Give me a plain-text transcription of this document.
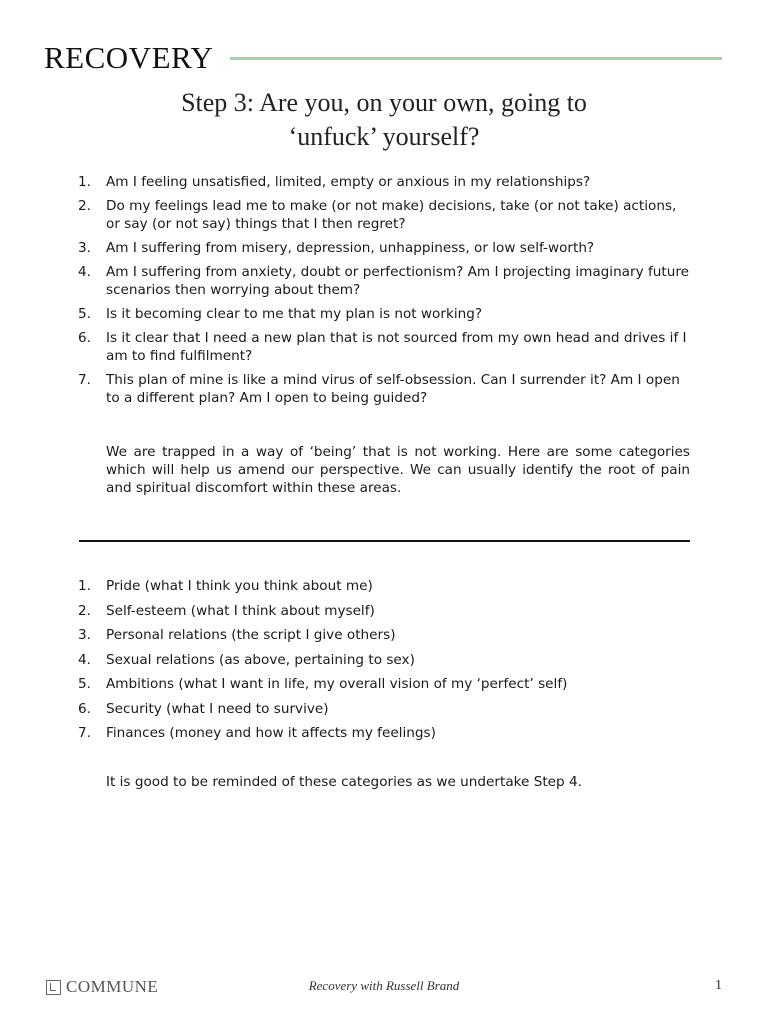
RECOVERY
Step 3: Are you, on your own, going to
‘unfuck’ yourself?
1.	Am I feeling unsatisfied, limited, empty or anxious in my relationships?
2.	Do my feelings lead me to make (or not make) decisions, take (or not take) actions, or say (or not say) things that I then regret?
3.	Am I suffering from misery, depression, unhappiness, or low self-worth?
4.	Am I suffering from anxiety, doubt or perfectionism? Am I projecting imaginary future scenarios then worrying about them?
5.	Is it becoming clear to me that my plan is not working?
6.	Is it clear that I need a new plan that is not sourced from my own head and drives if I am to find fulfilment?
7.	This plan of mine is like a mind virus of self-obsession. Can I surrender it? Am I open to a different plan? Am I open to being guided?

We are trapped in a way of ‘being’ that is not working. Here are some categories which will help us amend our perspective. We can usually identify the root of pain and spiritual discomfort within these areas.

1.	Pride (what I think you think about me)
2.	Self-esteem (what I think about myself)
3.	Personal relations (the script I give others)
4.	Sexual relations (as above, pertaining to sex)
5.	Ambitions (what I want in life, my overall vision of my ‘perfect’ self)
6.	Security (what I need to survive)
7.	Finances (money and how it affects my feelings)

It is good to be reminded of these categories as we undertake Step 4.

COMMUNE	Recovery with Russell Brand	1
